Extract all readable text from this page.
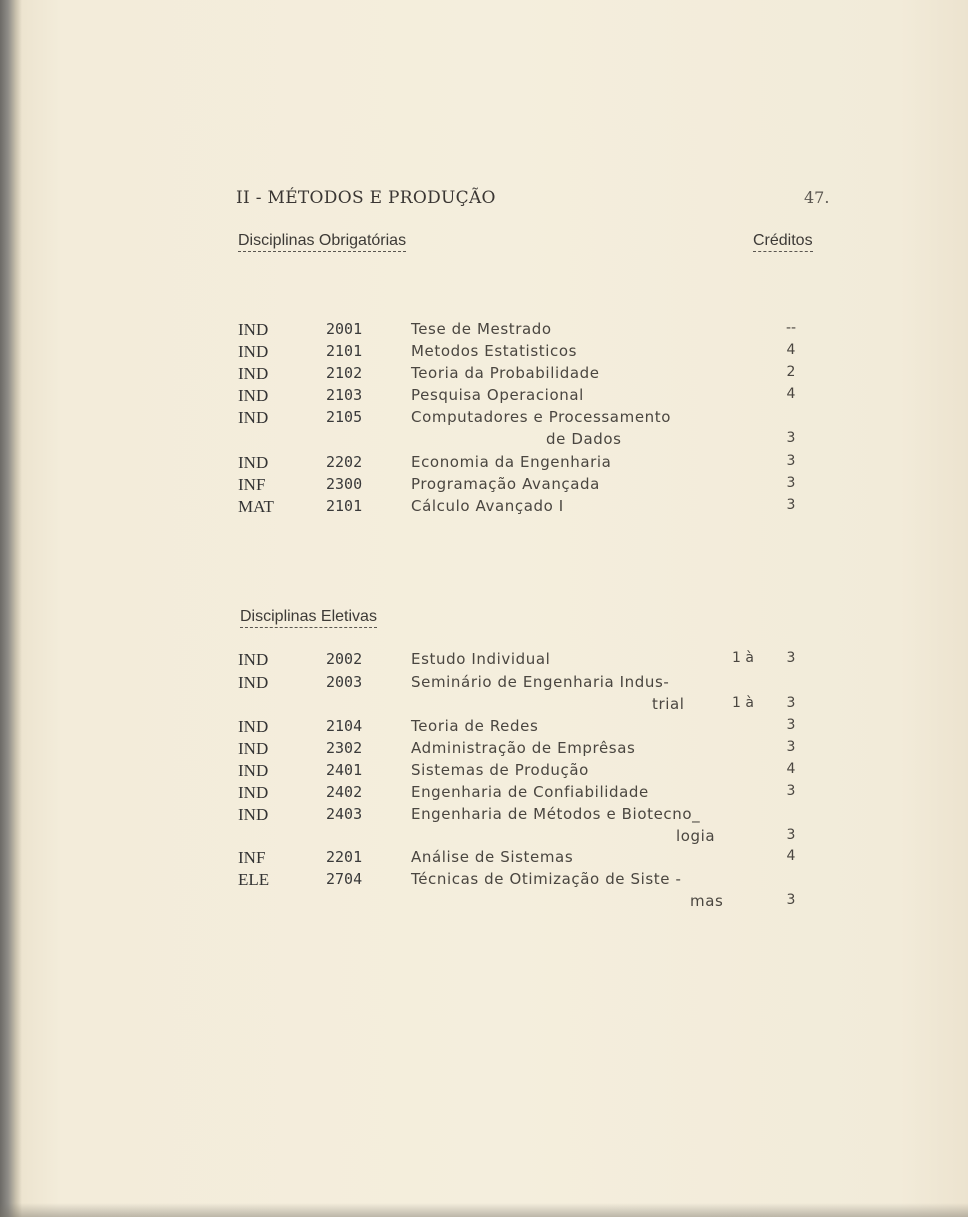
II - MÉTODOS E PRODUÇÃO	47.
Disciplinas Obrigatórias	Créditos
IND	2001	Tese de Mestrado	--
IND	2101	Metodos Estatisticos	4
IND	2102	Teoria da Probabilidade	2
IND	2103	Pesquisa Operacional	4
IND	2105	Computadores e Processamento
de Dados	3
IND	2202	Economia da Engenharia	3
INF	2300	Programação Avançada	3
MAT	2101	Cálculo Avançado I	3
Disciplinas Eletivas
IND	2002	Estudo Individual	1 à 3
IND	2003	Seminário de Engenharia Indus-
trial	1 à 3
IND	2104	Teoria de Redes	3
IND	2302	Administração de Emprêsas	3
IND	2401	Sistemas de Produção	4
IND	2402	Engenharia de Confiabilidade	3
IND	2403	Engenharia de Métodos e Biotecno_
logia	3
INF	2201	Análise de Sistemas	4
ELE	2704	Técnicas de Otimização de Siste -
mas	3
